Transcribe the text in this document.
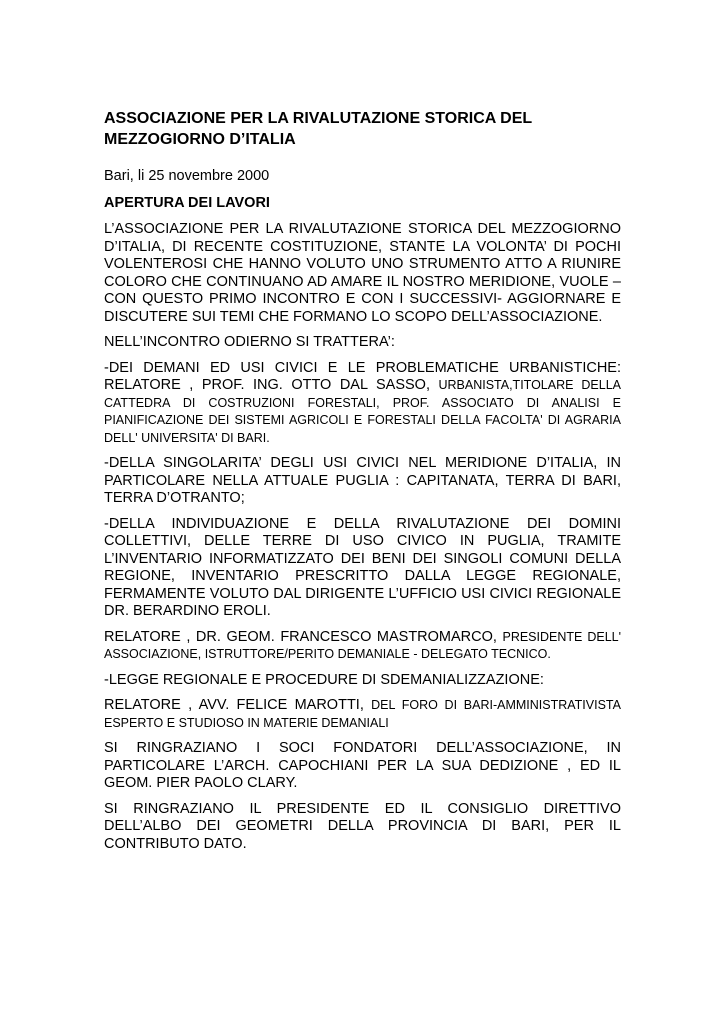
ASSOCIAZIONE PER LA RIVALUTAZIONE STORICA DEL
MEZZOGIORNO D’ITALIA
Bari, li 25 novembre 2000
APERTURA DEI LAVORI

L’ASSOCIAZIONE PER LA RIVALUTAZIONE STORICA DEL MEZZOGIORNO D’ITALIA, DI RECENTE COSTITUZIONE, STANTE LA VOLONTA’ DI POCHI VOLENTEROSI CHE HANNO VOLUTO UNO STRUMENTO ATTO A RIUNIRE COLORO CHE CONTINUANO AD AMARE IL NOSTRO MERIDIONE, VUOLE –CON QUESTO PRIMO INCONTRO E CON I SUCCESSIVI- AGGIORNARE E DISCUTERE SUI TEMI CHE FORMANO LO SCOPO DELL’ASSOCIAZIONE.

NELL’INCONTRO ODIERNO SI TRATTERA’:

-DEI DEMANI ED USI CIVICI E LE PROBLEMATICHE URBANISTICHE: RELATORE , PROF. ING. OTTO DAL SASSO, URBANISTA,TITOLARE DELLA CATTEDRA DI COSTRUZIONI FORESTALI, PROF. ASSOCIATO DI ANALISI E PIANIFICAZIONE DEI SISTEMI AGRICOLI E FORESTALI DELLA FACOLTA' DI AGRARIA DELL' UNIVERSITA' DI BARI.

-DELLA SINGOLARITA’ DEGLI USI CIVICI NEL MERIDIONE D’ITALIA, IN PARTICOLARE NELLA ATTUALE PUGLIA : CAPITANATA, TERRA DI BARI, TERRA D’OTRANTO;

-DELLA INDIVIDUAZIONE E DELLA RIVALUTAZIONE DEI DOMINI COLLETTIVI, DELLE TERRE DI USO CIVICO IN PUGLIA, TRAMITE L’INVENTARIO INFORMATIZZATO DEI BENI DEI SINGOLI COMUNI DELLA REGIONE, INVENTARIO PRESCRITTO DALLA LEGGE REGIONALE, FERMAMENTE VOLUTO DAL DIRIGENTE L’UFFICIO USI CIVICI REGIONALE DR. BERARDINO EROLI.

RELATORE , DR. GEOM. FRANCESCO MASTROMARCO, PRESIDENTE DELL' ASSOCIAZIONE, ISTRUTTORE/PERITO DEMANIALE - DELEGATO TECNICO.

-LEGGE REGIONALE E PROCEDURE DI SDEMANIALIZZAZIONE:

RELATORE , AVV. FELICE MAROTTI, DEL FORO DI BARI-AMMINISTRATIVISTA ESPERTO E STUDIOSO IN MATERIE DEMANIALI

SI RINGRAZIANO I SOCI FONDATORI DELL’ASSOCIAZIONE, IN PARTICOLARE L’ARCH. CAPOCHIANI PER LA SUA DEDIZIONE , ED IL GEOM. PIER PAOLO CLARY.

SI RINGRAZIANO IL PRESIDENTE ED IL CONSIGLIO DIRETTIVO DELL’ALBO DEI GEOMETRI DELLA PROVINCIA DI BARI, PER IL CONTRIBUTO DATO.
